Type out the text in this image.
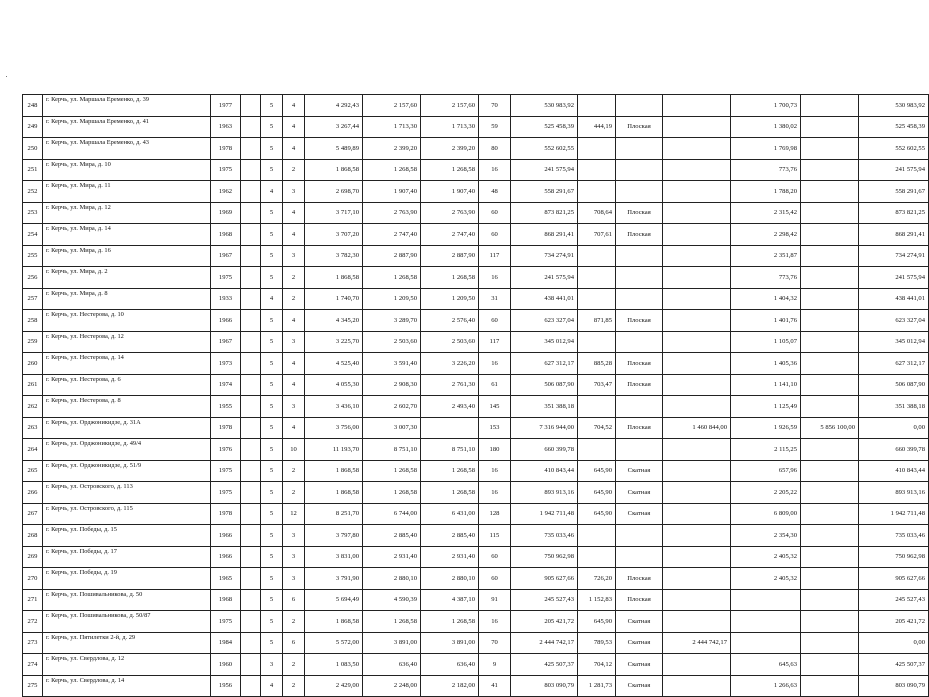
248	г. Керчь, ул. Маршала Еременко, д. 39	1977		5	4	4 292,43	2 157,60	2 157,60	70	530 983,92				1 700,73		530 983,92
249	г. Керчь, ул. Маршала Еременко, д. 41	1963		5	4	3 267,44	1 713,30	1 713,30	59	525 458,39	444,19	Плоская		1 380,02		525 458,39
250	г. Керчь, ул. Маршала Еременко, д. 43	1978		5	4	5 489,89	2 399,20	2 399,20	80	552 602,55				1 769,98		552 602,55
251	г. Керчь, ул. Мира, д. 10	1975		5	2	1 868,58	1 268,58	1 268,58	16	241 575,94				773,76		241 575,94
252	г. Керчь, ул. Мира, д. 11	1962		4	3	2 698,70	1 907,40	1 907,40	48	558 291,67				1 788,20		558 291,67
253	г. Керчь, ул. Мира, д. 12	1969		5	4	3 717,10	2 763,90	2 763,90	60	873 821,25	708,64	Плоская		2 315,42		873 821,25
254	г. Керчь, ул. Мира, д. 14	1968		5	4	3 707,20	2 747,40	2 747,40	60	868 291,41	707,61	Плоская		2 298,42		868 291,41
255	г. Керчь, ул. Мира, д. 16	1967		5	3	3 782,30	2 887,90	2 887,90	117	734 274,91				2 351,87		734 274,91
256	г. Керчь, ул. Мира, д. 2	1975		5	2	1 868,58	1 268,58	1 268,58	16	241 575,94				773,76		241 575,94
257	г. Керчь, ул. Мира, д. 8	1933		4	2	1 740,70	1 209,50	1 209,50	31	438 441,01				1 404,32		438 441,01
258	г. Керчь, ул. Нестерова, д. 10	1966		5	4	4 345,20	3 289,70	2 576,40	60	623 327,04	871,85	Плоская		1 401,76		623 327,04
259	г. Керчь, ул. Нестерова, д. 12	1967		5	3	3 225,70	2 503,60	2 503,60	117	345 012,94				1 105,07		345 012,94
260	г. Керчь, ул. Нестерова, д. 14	1973		5	4	4 525,40	3 591,40	3 226,20	16	627 312,17	885,28	Плоская		1 405,36		627 312,17
261	г. Керчь, ул. Нестерова, д. 6	1974		5	4	4 055,30	2 908,30	2 761,30	61	506 087,90	703,47	Плоская		1 141,10		506 087,90
262	г. Керчь, ул. Нестерова, д. 8	1955		5	3	3 436,10	2 602,70	2 493,40	145	351 388,18				1 125,49		351 388,18
263	г. Керчь, ул. Орджоникидзе, д. 31А	1978		5	4	3 756,00	3 007,30		153	7 316 944,00	704,52	Плоская	1 460 844,00	1 926,59	5 856 100,00	0,00
264	г. Керчь, ул. Орджоникидзе, д. 49/4	1976		5	10	11 193,70	8 751,10	8 751,10	180	660 399,78				2 115,25		660 399,78
265	г. Керчь, ул. Орджоникидзе, д. 51/9	1975		5	2	1 868,58	1 268,58	1 268,58	16	410 843,44	645,90	Скатная		657,96		410 843,44
266	г. Керчь, ул. Островского, д. 113	1975		5	2	1 868,58	1 268,58	1 268,58	16	893 913,16	645,90	Скатная		2 205,22		893 913,16
267	г. Керчь, ул. Островского, д. 115	1978		5	12	8 251,70	6 744,00	6 431,00	128	1 942 711,48	645,90	Скатная		6 809,00		1 942 711,48
268	г. Керчь, ул. Победы, д. 15	1966		5	3	3 797,80	2 885,40	2 885,40	115	735 033,46				2 354,30		735 033,46
269	г. Керчь, ул. Победы, д. 17	1966		5	3	3 831,00	2 931,40	2 931,40	60	750 962,98				2 405,32		750 962,98
270	г. Керчь, ул. Победы, д. 19	1965		5	3	3 791,90	2 880,10	2 880,10	60	905 627,66	726,20	Плоская		2 405,32		905 627,66
271	г. Керчь, ул. Пошивальникова, д. 50	1968		5	6	5 694,49	4 590,39	4 387,10	91	245 527,43	1 152,83	Плоская				245 527,43
272	г. Керчь, ул. Пошивальникова, д. 50/87	1975		5	2	1 868,58	1 268,58	1 268,58	16	205 421,72	645,90	Скатная				205 421,72
273	г. Керчь, ул. Пятилетки 2-й, д. 29	1984		5	6	5 572,00	3 891,00	3 891,00	70	2 444 742,17	789,53	Скатная	2 444 742,17			0,00
274	г. Керчь, ул. Свердлова, д. 12	1960		3	2	1 083,50	636,40	636,40	9	425 507,37	704,12	Скатная		645,63		425 507,37
275	г. Керчь, ул. Свердлова, д. 14	1956		4	2	2 429,00	2 248,00	2 182,00	41	803 090,79	1 281,73	Скатная		1 266,63		803 090,79
